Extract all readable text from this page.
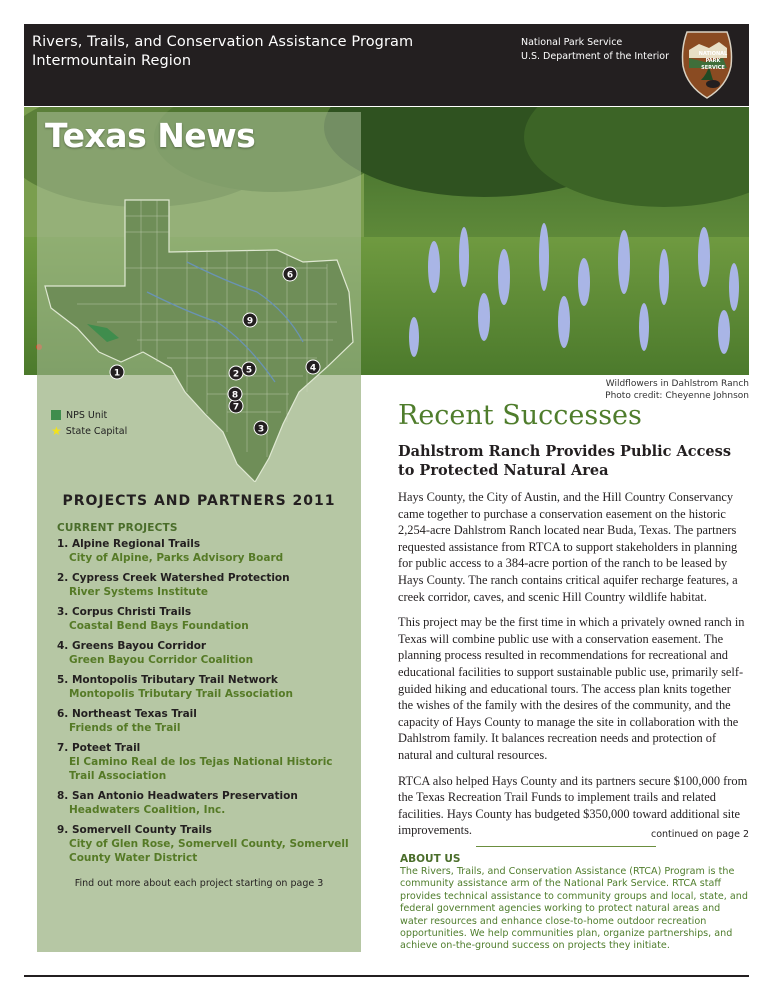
Rivers, Trails, and Conservation Assistance Program
Intermountain Region
National Park Service
U.S. Department of the Interior	NATIONAL
PARK
SERVICE
Texas News
1	2 5
3
4
6
7
8
9
NPS Unit
★ State Capital
PROJECTS AND PARTNERS 2011
CURRENT PROJECTS
1. Alpine Regional Trails
City of Alpine, Parks Advisory Board
2. Cypress Creek Watershed Protection
River Systems Institute
3. Corpus Christi Trails
Coastal Bend Bays Foundation
4. Greens Bayou Corridor
Green Bayou Corridor Coalition
5. Montopolis Tributary Trail Network
Montopolis Tributary Trail Association
6. Northeast Texas Trail
Friends of the Trail
7. Poteet Trail
El Camino Real de los Tejas National Historic Trail Association
8. San Antonio Headwaters Preservation
Headwaters Coalition, Inc.
9. Somervell County Trails
City of Glen Rose, Somervell County, Somervell County Water District
Find out more about each project starting on page 3
Wildflowers in Dahlstrom Ranch
Photo credit: Cheyenne Johnson
Recent Successes
Dahlstrom Ranch Provides Public Access to Protected Natural Area

Hays County, the City of Austin, and the Hill Country Conservancy came together to purchase a conservation easement on the historic 2,254-acre Dahlstrom Ranch located near Buda, Texas. The partners requested assistance from RTCA to support stakeholders in planning for public access to a 384-acre portion of the ranch to be leased by Hays County. The ranch contains critical aquifer recharge features, a creek corridor, caves, and scenic Hill Country wildlife habitat.

This project may be the first time in which a privately owned ranch in Texas will combine public use with a conservation easement. The planning process resulted in recommendations for recreational and educational facilities to support sustainable public use, primarily self-guided hiking and educational tours. The access plan knits together the wishes of the family with the desires of the community, and the capacity of Hays County to manage the site in collaboration with the Dahlstrom family. It balances recreation needs and protection of natural and cultural resources.

RTCA also helped Hays County and its partners secure $100,000 from the Texas Recreation Trail Funds to implement trails and related facilities. Hays County has budgeted $350,000 toward additional site improvements.	continued on page 2
ABOUT US
The Rivers, Trails, and Conservation Assistance (RTCA) Program is the community assistance arm of the National Park Service. RTCA staff provides technical assistance to community groups and local, state, and federal government agencies working to protect natural areas and water resources and enhance close-to-home outdoor recreation opportunities. We help communities plan, organize partnerships, and achieve on-the-ground success on projects they initiate.
